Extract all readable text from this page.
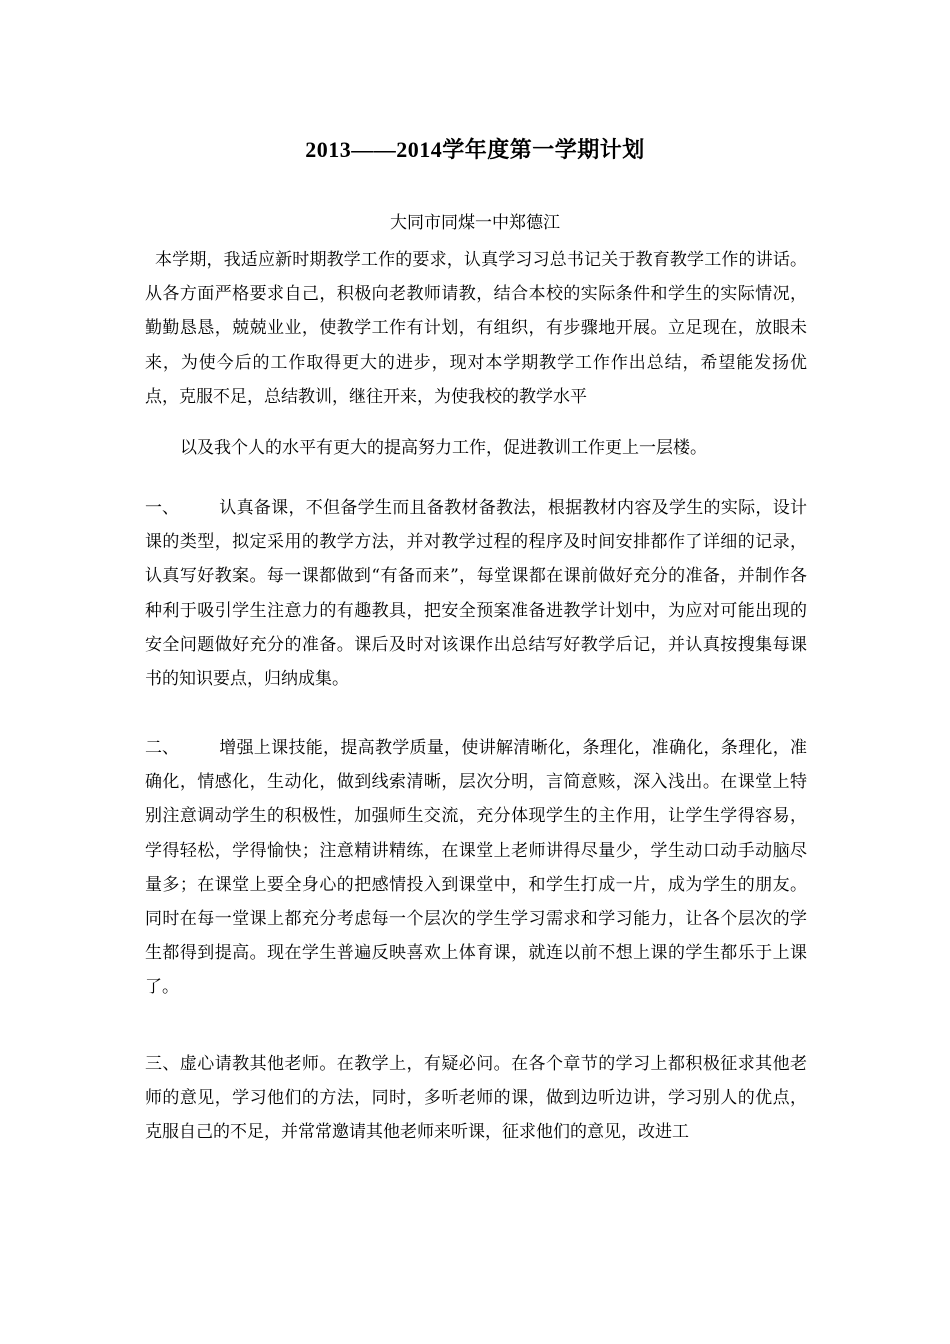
2013——2014学年度第一学期计划
大同市同煤一中郑德江

本学期，我适应新时期教学工作的要求，认真学习习总书记关于教育教学工作的讲话。从各方面严格要求自己，积极向老教师请教，结合本校的实际条件和学生的实际情况，勤勤恳恳，兢兢业业，使教学工作有计划，有组织，有步骤地开展。立足现在，放眼未来，为使今后的工作取得更大的进步，现对本学期教学工作作出总结，希望能发扬优点，克服不足，总结教训，继往开来，为使我校的教学水平

以及我个人的水平有更大的提高努力工作，促进教训工作更上一层楼。

一、 认真备课，不但备学生而且备教材备教法，根据教材内容及学生的实际，设计课的类型，拟定采用的教学方法，并对教学过程的程序及时间安排都作了详细的记录，认真写好教案。每一课都做到“有备而来”，每堂课都在课前做好充分的准备，并制作各种利于吸引学生注意力的有趣教具，把安全预案准备进教学计划中，为应对可能出现的安全问题做好充分的准备。课后及时对该课作出总结写好教学后记，并认真按搜集每课书的知识要点，归纳成集。

二、 增强上课技能，提高教学质量，使讲解清晰化，条理化，准确化，条理化，准确化，情感化，生动化，做到线索清晰，层次分明，言简意赅，深入浅出。在课堂上特别注意调动学生的积极性，加强师生交流，充分体现学生的主作用，让学生学得容易，学得轻松，学得愉快；注意精讲精练，在课堂上老师讲得尽量少，学生动口动手动脑尽量多；在课堂上要全身心的把感情投入到课堂中，和学生打成一片，成为学生的朋友。同时在每一堂课上都充分考虑每一个层次的学生学习需求和学习能力，让各个层次的学生都得到提高。现在学生普遍反映喜欢上体育课，就连以前不想上课的学生都乐于上课了。

三、虚心请教其他老师。在教学上，有疑必问。在各个章节的学习上都积极征求其他老师的意见，学习他们的方法，同时，多听老师的课，做到边听边讲，学习别人的优点，克服自己的不足，并常常邀请其他老师来听课，征求他们的意见，改进工
